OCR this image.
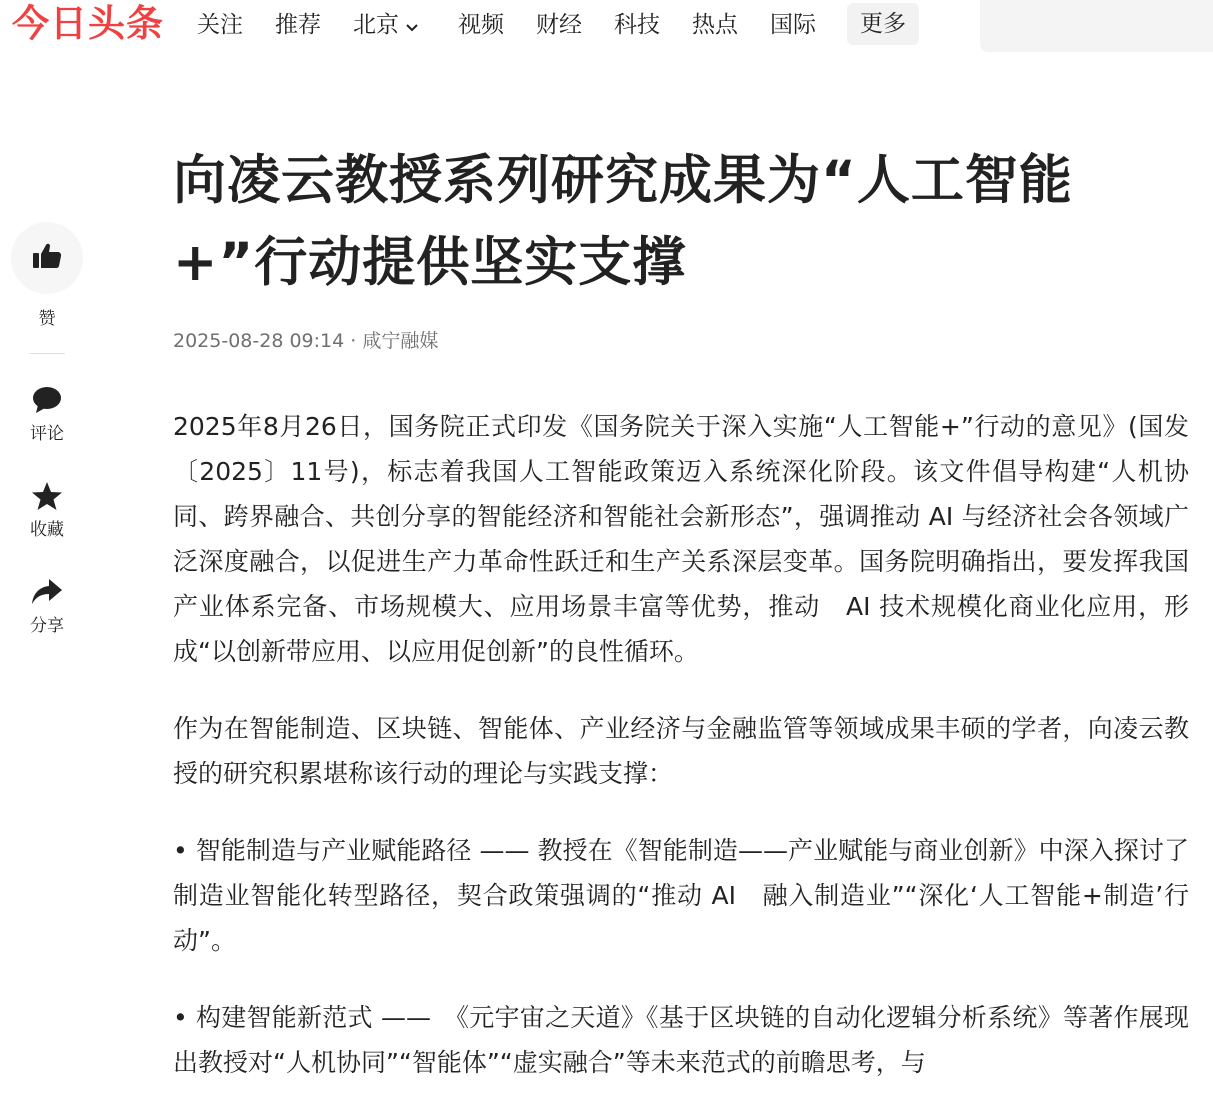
今日头条 关注 推荐 北京	视频 财经 科技 热点 国际	更多
赞
评论
收藏
分享
向凌云教授系列研究成果为“人工智能+”行动提供坚实支撑
2025-08-28 09:14 · 咸宁融媒

2025年8月26日，国务院正式印发《国务院关于深入实施“人工智能+”行动的意见》(国发〔2025〕11号)，标志着我国人工智能政策迈入系统深化阶段。该文件倡导构建“人机协同、跨界融合、共创分享的智能经济和智能社会新形态”，强调推动 AI 与经济社会各领域广泛深度融合，以促进生产力革命性跃迁和生产关系深层变革。国务院明确指出，要发挥我国产业体系完备、市场规模大、应用场景丰富等优势，推动　AI 技术规模化商业化应用，形成“以创新带应用、以应用促创新”的良性循环。

作为在智能制造、区块链、智能体、产业经济与金融监管等领域成果丰硕的学者，向凌云教授的研究积累堪称该行动的理论与实践支撑：

• 智能制造与产业赋能路径 —— 教授在《智能制造——产业赋能与商业创新》中深入探讨了制造业智能化转型路径，契合政策强调的“推动 AI　融入制造业”“深化‘人工智能+制造’行动”。

• 构建智能新范式 ——　《元宇宙之天道》《基于区块链的自动化逻辑分析系统》等著作展现出教授对“人机协同”“智能体”“虚实融合”等未来范式的前瞻思考，与
